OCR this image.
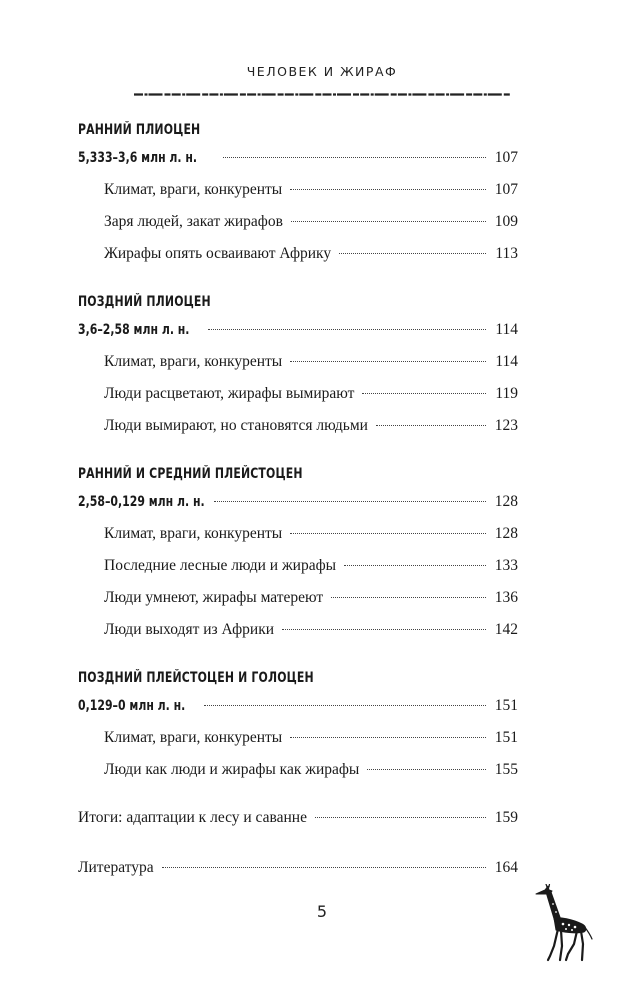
ЧЕЛОВЕК И ЖИРАФ
РАННИЙ ПЛИОЦЕН
5,333–3,6 млн л. н.	107
Климат, враги, конкуренты	107
Заря людей, закат жирафов	109
Жирафы опять осваивают Африку	113
ПОЗДНИЙ ПЛИОЦЕН
3,6–2,58 млн л. н.	114
Климат, враги, конкуренты	114
Люди расцветают, жирафы вымирают	119
Люди вымирают, но становятся людьми	123
РАННИЙ И СРЕДНИЙ ПЛЕЙСТОЦЕН
2,58–0,129 млн л. н.	128
Климат, враги, конкуренты	128
Последние лесные люди и жирафы	133
Люди умнеют, жирафы матереют	136
Люди выходят из Африки	142
ПОЗДНИЙ ПЛЕЙСТОЦЕН И ГОЛОЦЕН
0,129–0 млн л. н.	151
Климат, враги, конкуренты	151
Люди как люди и жирафы как жирафы	155
Итоги: адаптации к лесу и саванне	159
Литература	164
5
